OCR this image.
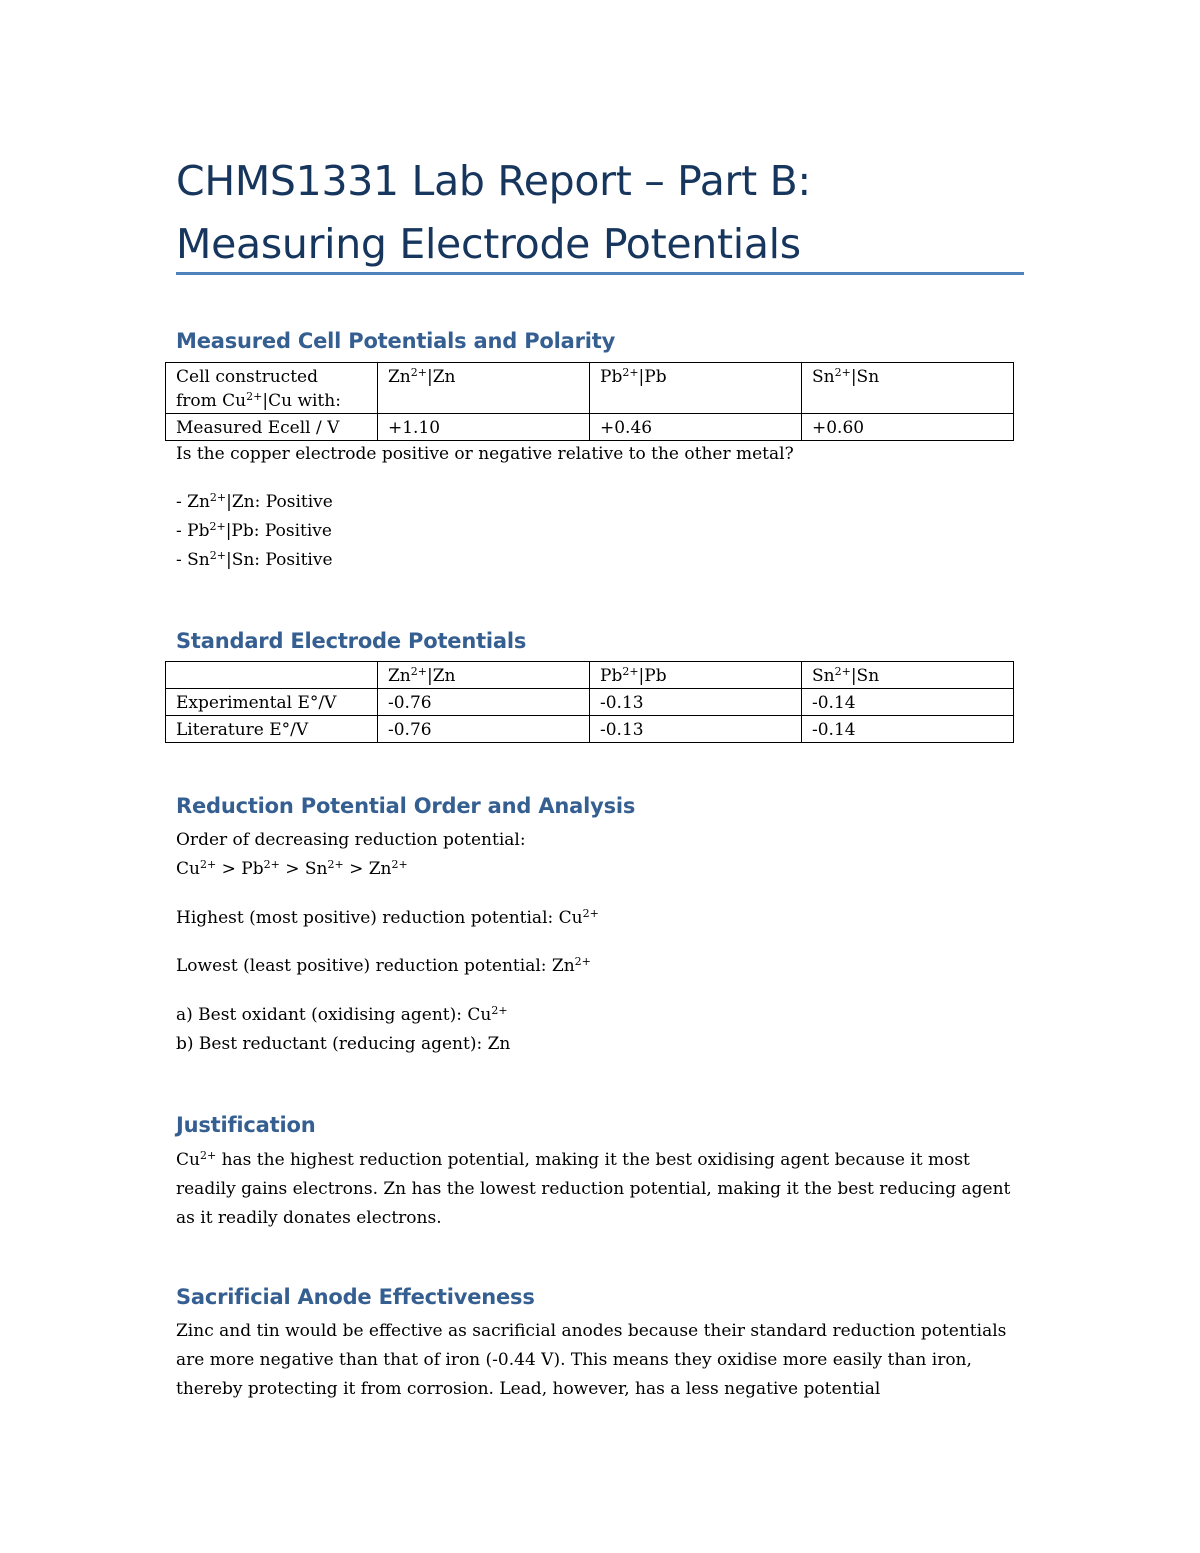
CHMS1331 Lab Report – Part B:
Measuring Electrode Potentials
Measured Cell Potentials and Polarity
Cell constructed
from $Cu^{2+}|Cu$ with:	$Zn^{2+}|Zn$	$Pb^{2+}|Pb$	$Sn^{2+}|Sn$
Measured Ecell / V	+1.10	+0.46	+0.60

Is the copper electrode positive or negative relative to the other metal?

- $Zn^{2+}|Zn$: Positive

- $Pb^{2+}|Pb$: Positive

- $Sn^{2+}|Sn$: Positive

Standard Electrode Potentials
	$Zn^{2+}|Zn$	$Pb^{2+}|Pb$	$Sn^{2+}|Sn$
Experimental E°/V	-0.76	-0.13	-0.14
Literature E°/V	-0.76	-0.13	-0.14
Reduction Potential Order and Analysis

Order of decreasing reduction potential:

$Cu^{2+} > Pb^{2+} > Sn^{2+} > Zn^{2+}$

Highest (most positive) reduction potential: $Cu^{2+}$

Lowest (least positive) reduction potential: $Zn^{2+}$

a) Best oxidant (oxidising agent): $Cu^{2+}$

b) Best reductant (reducing agent): Zn

Justification

$Cu^{2+}$ has the highest reduction potential, making it the best oxidising agent because it most readily gains electrons. Zn has the lowest reduction potential, making it the best reducing agent as it readily donates electrons.

Sacrificial Anode Effectiveness

Zinc and tin would be effective as sacrificial anodes because their standard reduction potentials are more negative than that of iron (-0.44 V). This means they oxidise more easily than iron, thereby protecting it from corrosion. Lead, however, has a less negative potential
